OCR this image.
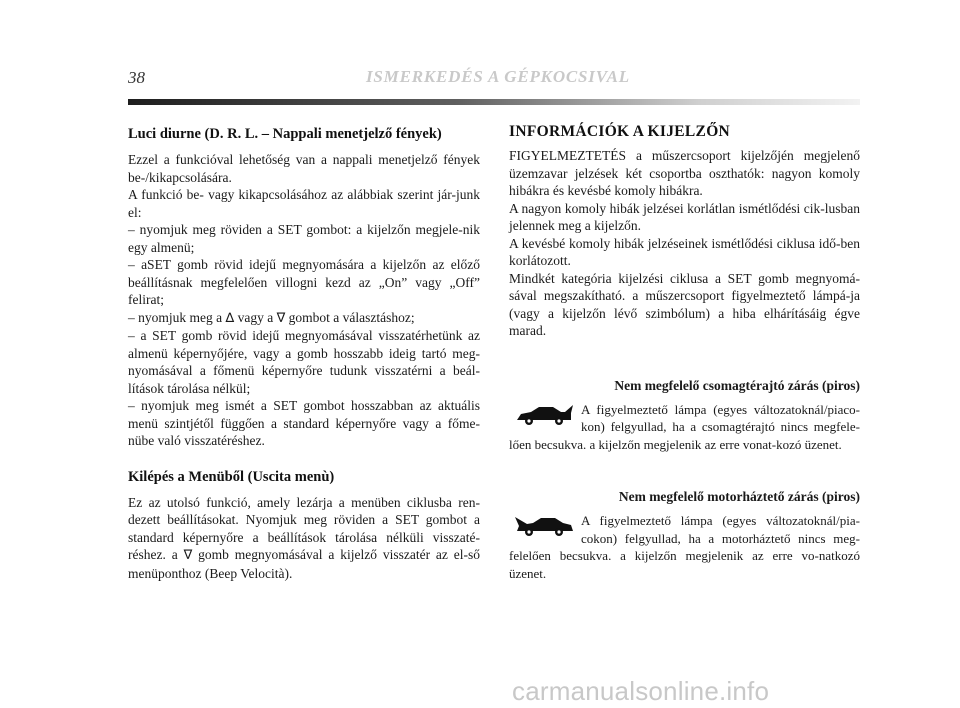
38	ISMERKEDÉS A GÉPKOCSIVAL
Luci diurne (D. R. L. – Nappali menetjelző fények)

Ezzel a funkcióval lehetőség van a nappali menetjelző fények be-/kikapcsolására.

A funkció be- vagy kikapcsolásához az alábbiak szerint jár-junk el:

– nyomjuk meg röviden a SET gombot: a kijelzőn megjele-nik egy almenü;

– aSET gomb rövid idejű megnyomására a kijelzőn az előző beállításnak megfelelően villogni kezd az „On” vagy „Off” felirat;

– nyomjuk meg a ∆ vagy a ∇ gombot a választáshoz;

– a SET gomb rövid idejű megnyomásával visszatérhetünk az almenü képernyőjére, vagy a gomb hosszabb ideig tartó meg-nyomásával a főmenü képernyőre tudunk visszatérni a beál-lítások tárolása nélkül;

– nyomjuk meg ismét a SET gombot hosszabban az aktuális menü szintjétől függően a standard képernyőre vagy a főme-nübe való visszatéréshez.

Kilépés a Menüből (Uscita menù)

Ez az utolsó funkció, amely lezárja a menüben ciklusba ren-dezett beállításokat. Nyomjuk meg röviden a SET gombot a standard képernyőre a beállítások tárolása nélküli visszaté-réshez. a ∇ gomb megnyomásával a kijelző visszatér az el-ső menüponthoz (Beep Velocità).

INFORMÁCIÓK A KIJELZŐN

FIGYELMEZTETÉS a műszercsoport kijelzőjén megjelenő üzemzavar jelzések két csoportba oszthatók: nagyon komoly hibákra és kevésbé komoly hibákra.

A nagyon komoly hibák jelzései korlátlan ismétlődési cik-lusban jelennek meg a kijelzőn.

A kevésbé komoly hibák jelzéseinek ismétlődési ciklusa idő-ben korlátozott.

Mindkét kategória kijelzési ciklusa a SET gomb megnyomá-sával megszakítható. a műszercsoport figyelmeztető lámpá-ja (vagy a kijelzőn lévő szimbólum) a hiba elhárításáig égve marad.

Nem megfelelő csomagtérajtó zárás (piros)

A figyelmeztető lámpa (egyes változatoknál/piaco-kon) felgyullad, ha a csomagtérajtó nincs megfele-lően becsukva. a kijelzőn megjelenik az erre vonat-kozó üzenet.

Nem megfelelő motorháztető zárás (piros)

A figyelmeztető lámpa (egyes változatoknál/pia-cokon) felgyullad, ha a motorháztető nincs meg-felelően becsukva. a kijelzőn megjelenik az erre vo-natkozó üzenet.

carmanualsonline.info
